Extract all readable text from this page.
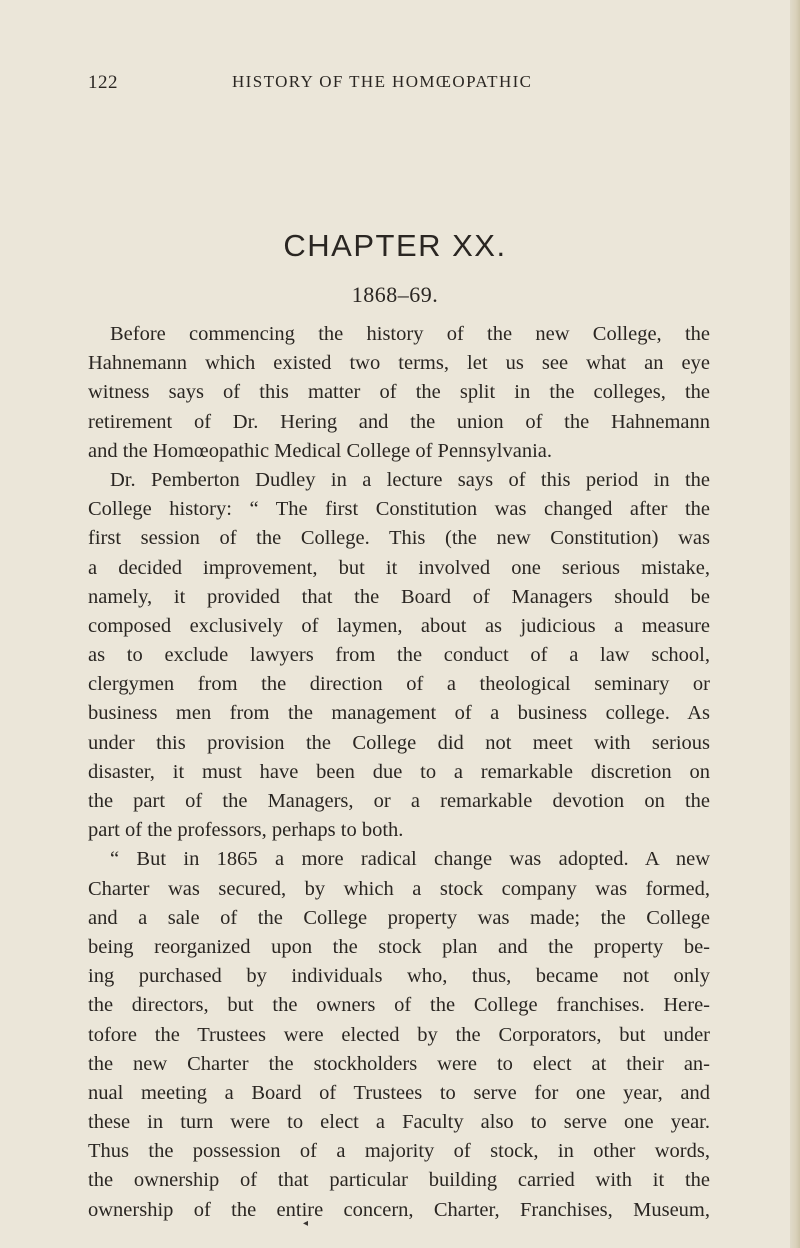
122	HISTORY OF THE HOMŒOPATHIC
CHAPTER XX.
1868–69.
Before commencing the history of the new College, the
Hahnemann which existed two terms, let us see what an eye
witness says of this matter of the split in the colleges, the
retirement of Dr. Hering and the union of the Hahnemann
and the Homœopathic Medical College of Pennsylvania.
Dr. Pemberton Dudley in a lecture says of this period in the
College history: “ The first Constitution was changed after the
first session of the College. This (the new Constitution) was
a decided improvement, but it involved one serious mistake,
namely, it provided that the Board of Managers should be
composed exclusively of laymen, about as judicious a measure
as to exclude lawyers from the conduct of a law school,
clergymen from the direction of a theological seminary or
business men from the management of a business college. As
under this provision the College did not meet with serious
disaster, it must have been due to a remarkable discretion on
the part of the Managers, or a remarkable devotion on the
part of the professors, perhaps to both.
“ But in 1865 a more radical change was adopted. A new
Charter was secured, by which a stock company was formed,
and a sale of the College property was made; the College
being reorganized upon the stock plan and the property be-
ing purchased by individuals who, thus, became not only
the directors, but the owners of the College franchises. Here-
tofore the Trustees were elected by the Corporators, but under
the new Charter the stockholders were to elect at their an-
nual meeting a Board of Trustees to serve for one year, and
these in turn were to elect a Faculty also to serve one year.
Thus the possession of a majority of stock, in other words,
the ownership of that particular building carried with it the
ownership of the entire concern, Charter, Franchises, Museum,
◂
